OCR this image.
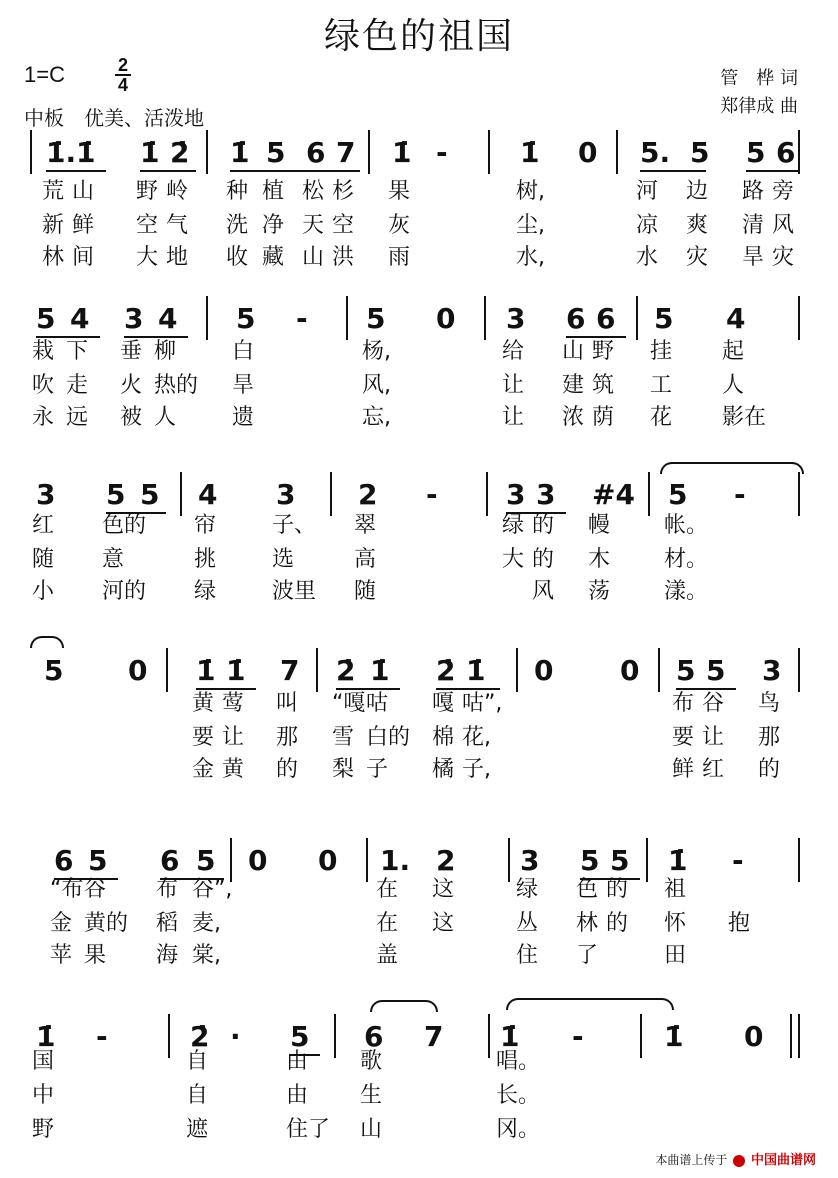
绿色的祖国
1=C	2
4
中板　优美、活泼地
管　桦 词
郑律成 曲
1̇. 1̇ 1̇ 2̇ 1̇ 5 6 7 1̇ -	1̇ 0 5. 5 5 6
荒 山 野 岭 种 植 松 杉 果	树,	河 边 路 旁
新 鲜 空 气 洗 净 天 空 灰	尘,	凉 爽 清 风
林 间 大 地 收 藏 山 洪 雨	水,	水 灾 旱 灾
5 4 3 4 5 - 5 0 3 6 6 5 4
栽 下 垂 柳	白	杨,	给 山 野 挂 起
吹 走 火 热的 旱	风,	让 建 筑 工 人
永 远 被 人	遗	忘,	让 浓 荫 花 影在
3 5 5 4 3 2 - 3 3 #4 5 -
红 色的 帘	子、 翠	绿 的 幔 帐。
随 意	挑	选	高	大 的 木 材。
小 河的 绿	波里 随	风 荡 漾。
5 0 1̇ 1̇ 7 2̇ 1̇ 2̇ 1̇ 0 0 5 5 3
黄 莺 叫 “嘎 咕 嘎 咕”,	布 谷 鸟
要 让 那 雪 白的 棉 花,	要 让 那
金 黄 的 梨 子 橘 子,	鲜 红 的
6 5 6 5 0 0 1. 2 3 5 5 1̇ -
“布 谷 布 谷”,	在 这	绿 色 的 祖
金 黄的 稻 麦,	在 这	丛 林 的 怀 抱
苹 果 海 棠,	盖	住 了	田
1̇ -	2̇ · 5 6 7 1̇ -	1̇ 0
国	自	由 歌	唱。
中	自	由 生	长。
野	遮	住了 山	冈。
本曲谱上传于 中国曲谱网
